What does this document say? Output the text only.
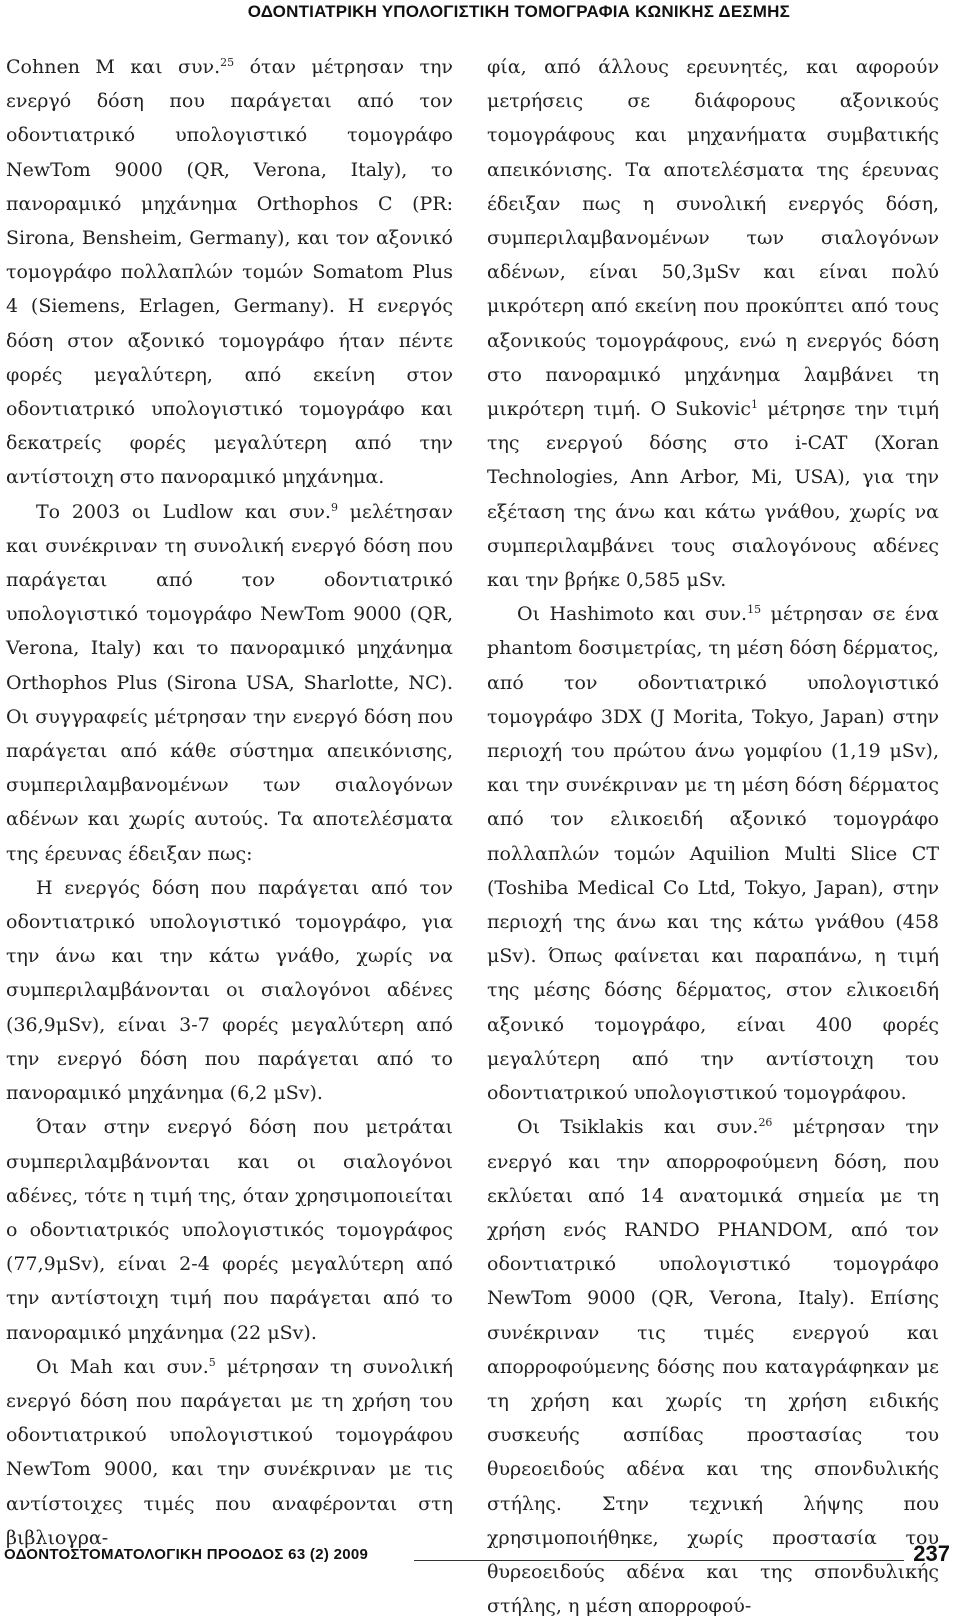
ΟΔΟΝΤΙΑΤΡΙΚΗ ΥΠΟΛΟΓΙΣΤΙΚΗ ΤΟΜΟΓΡΑΦΙΑ ΚΩΝΙΚΗΣ ΔΕΣΜΗΣ

Cohnen M και συν.$^{25}$ όταν μέτρησαν την ενεργό δόση που παράγεται από τον οδοντιατρικό υπολογιστικό τομογράφο NewTom 9000 (QR, Verona, Italy), το πανοραμικό μηχάνημα Orthophos C (PR: Sirona, Bensheim, Germany), και τον αξονικό τομογράφο πολλαπλών τομών Somatom Plus 4 (Siemens, Erlagen, Germany). Η ενεργός δόση στον αξονικό τομογράφο ήταν πέντε φορές μεγαλύτερη, από εκείνη στον οδοντιατρικό υπολογιστικό τομογράφο και δεκατρείς φορές μεγαλύτερη από την αντίστοιχη στο πανοραμικό μηχάνημα.

Το 2003 οι Ludlow και συν.$^9$ μελέτησαν και συνέκριναν τη συνολική ενεργό δόση που παράγεται από τον οδοντιατρικό υπολογιστικό τομογράφο NewTom 9000 (QR, Verona, Italy) και το πανοραμικό μηχάνημα Orthophos Plus (Sirona USA, Sharlotte, NC). Οι συγγραφείς μέτρησαν την ενεργό δόση που παράγεται από κάθε σύστημα απεικόνισης, συμπεριλαμβανομένων των σιαλογόνων αδένων και χωρίς αυτούς. Τα αποτελέσματα της έρευνας έδειξαν πως:

Η ενεργός δόση που παράγεται από τον οδοντιατρικό υπολογιστικό τομογράφο, για την άνω και την κάτω γνάθο, χωρίς να συμπεριλαμβάνονται οι σιαλογόνοι αδένες (36,9μSv), είναι 3-7 φορές μεγαλύτερη από την ενεργό δόση που παράγεται από το πανοραμικό μηχάνημα (6,2 μSv).

Όταν στην ενεργό δόση που μετράται συμπεριλαμβάνονται και οι σιαλογόνοι αδένες, τότε η τιμή της, όταν χρησιμοποιείται ο οδοντιατρικός υπολογιστικός τομογράφος (77,9μSv), είναι 2-4 φορές μεγαλύτερη από την αντίστοιχη τιμή που παράγεται από το πανοραμικό μηχάνημα (22 μSv).

Οι Mah και συν.$^5$ μέτρησαν τη συνολική ενεργό δόση που παράγεται με τη χρήση του οδοντιατρικού υπολογιστικού τομογράφου NewTom 9000, και την συνέκριναν με τις αντίστοιχες τιμές που αναφέρονται στη βιβλιογρα-

φία, από άλλους ερευνητές, και αφορούν μετρήσεις σε διάφορους αξονικούς τομογράφους και μηχανήματα συμβατικής απεικόνισης. Τα αποτελέσματα της έρευνας έδειξαν πως η συνολική ενεργός δόση, συμπεριλαμβανομένων των σιαλογόνων αδένων, είναι 50,3μSv και είναι πολύ μικρότερη από εκείνη που προκύπτει από τους αξονικούς τομογράφους, ενώ η ενεργός δόση στο πανοραμικό μηχάνημα λαμβάνει τη μικρότερη τιμή. Ο Sukovic$^1$ μέτρησε την τιμή της ενεργού δόσης στο i-CAT (Xoran Technologies, Ann Arbor, Mi, USA), για την εξέταση της άνω και κάτω γνάθου, χωρίς να συμπεριλαμβάνει τους σιαλογόνους αδένες και την βρήκε 0,585 μSv.

Οι Hashimoto και συν.$^{15}$ μέτρησαν σε ένα phantom δοσιμετρίας, τη μέση δόση δέρματος, από τον οδοντιατρικό υπολογιστικό τομογράφο 3DX (J Morita, Tokyo, Japan) στην περιοχή του πρώτου άνω γομφίου (1,19 μSv), και την συνέκριναν με τη μέση δόση δέρματος από τον ελικοειδή αξονικό τομογράφο πολλαπλών τομών Aquilion Multi Slice CT (Toshiba Medical Co Ltd, Tokyo, Japan), στην περιοχή της άνω και της κάτω γνάθου (458 μSv). Όπως φαίνεται και παραπάνω, η τιμή της μέσης δόσης δέρματος, στον ελικοειδή αξονικό τομογράφο, είναι 400 φορές μεγαλύτερη από την αντίστοιχη του οδοντιατρικού υπολογιστικού τομογράφου.

Οι Tsiklakis και συν.$^{26}$ μέτρησαν την ενεργό και την απορροφούμενη δόση, που εκλύεται από 14 ανατομικά σημεία με τη χρήση ενός RANDO PHANDOM, από τον οδοντιατρικό υπολογιστικό τομογράφο NewTom 9000 (QR, Verona, Italy). Επίσης συνέκριναν τις τιμές ενεργού και απορροφούμενης δόσης που καταγράφηκαν με τη χρήση και χωρίς τη χρήση ειδικής συσκευής ασπίδας προστασίας του θυρεοειδούς αδένα και της σπονδυλικής στήλης. Στην τεχνική λήψης που χρησιμοποιήθηκε, χωρίς προστασία του θυρεοειδούς αδένα και της σπονδυλικής στήλης, η μέση απορροφού-

ΟΔΟΝΤΟΣΤΟΜΑΤΟΛΟΓΙΚΗ ΠΡΟΟΔΟΣ 63 (2) 2009	237
